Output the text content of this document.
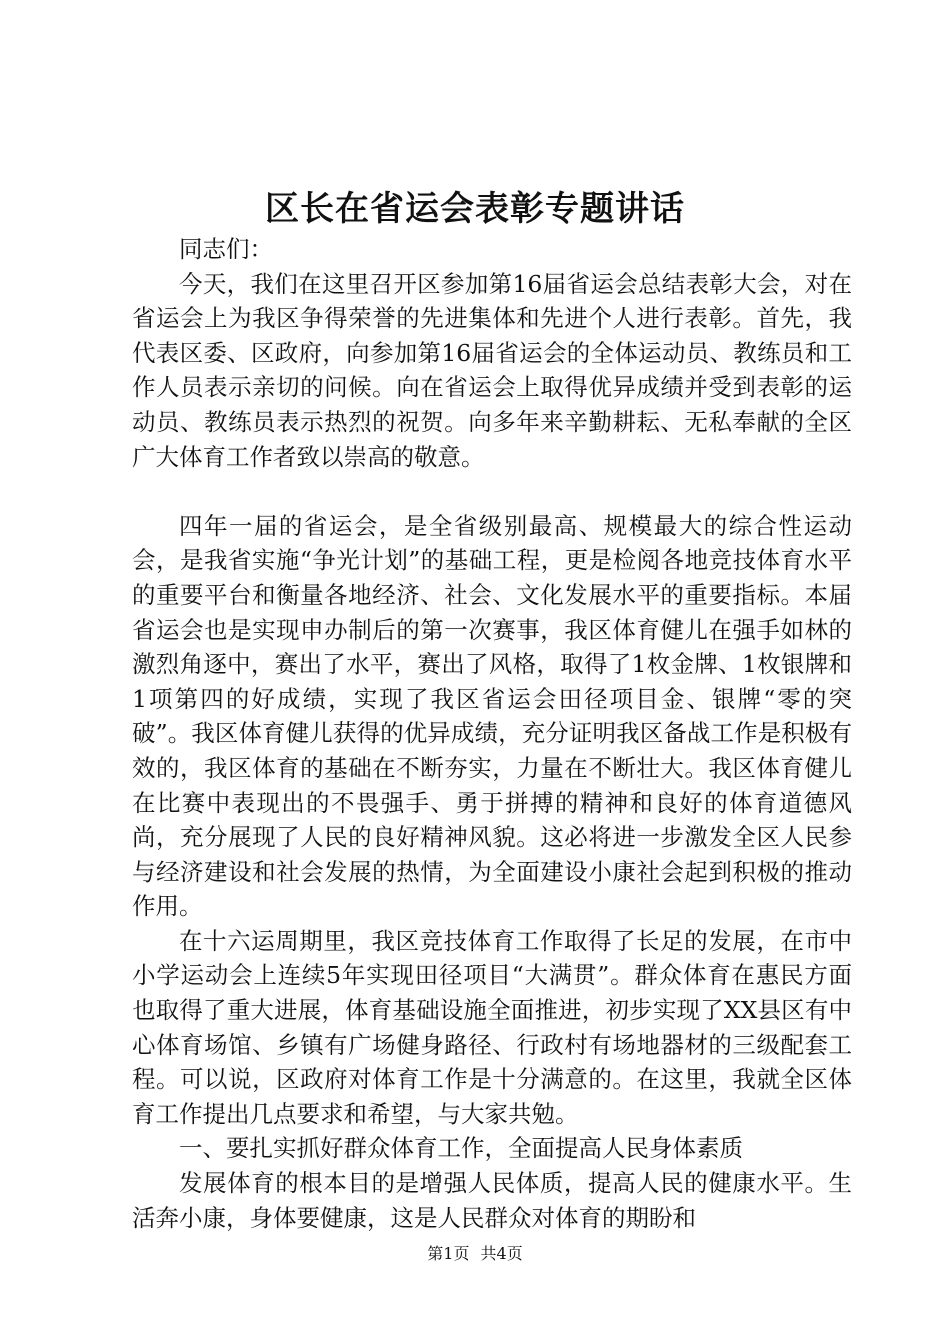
区长在省运会表彰专题讲话

同志们：

今天，我们在这里召开区参加第16届省运会总结表彰大会，对在省运会上为我区争得荣誉的先进集体和先进个人进行表彰。首先，我代表区委、区政府，向参加第16届省运会的全体运动员、教练员和工作人员表示亲切的问候。向在省运会上取得优异成绩并受到表彰的运动员、教练员表示热烈的祝贺。向多年来辛勤耕耘、无私奉献的全区广大体育工作者致以崇高的敬意。

四年一届的省运会，是全省级别最高、规模最大的综合性运动会，是我省实施“争光计划”的基础工程，更是检阅各地竞技体育水平的重要平台和衡量各地经济、社会、文化发展水平的重要指标。本届省运会也是实现申办制后的第一次赛事，我区体育健儿在强手如林的激烈角逐中，赛出了水平，赛出了风格，取得了1枚金牌、1枚银牌和1项第四的好成绩，实现了我区省运会田径项目金、银牌“零的突破”。我区体育健儿获得的优异成绩，充分证明我区备战工作是积极有效的，我区体育的基础在不断夯实，力量在不断壮大。我区体育健儿在比赛中表现出的不畏强手、勇于拼搏的精神和良好的体育道德风尚，充分展现了人民的良好精神风貌。这必将进一步激发全区人民参与经济建设和社会发展的热情，为全面建设小康社会起到积极的推动作用。

在十六运周期里，我区竞技体育工作取得了长足的发展，在市中小学运动会上连续5年实现田径项目“大满贯”。群众体育在惠民方面也取得了重大进展，体育基础设施全面推进，初步实现了XX县区有中心体育场馆、乡镇有广场健身路径、行政村有场地器材的三级配套工程。可以说，区政府对体育工作是十分满意的。在这里，我就全区体育工作提出几点要求和希望，与大家共勉。

一、要扎实抓好群众体育工作，全面提高人民身体素质

发展体育的根本目的是增强人民体质，提高人民的健康水平。生活奔小康，身体要健康，这是人民群众对体育的期盼和

第1页 共4页
